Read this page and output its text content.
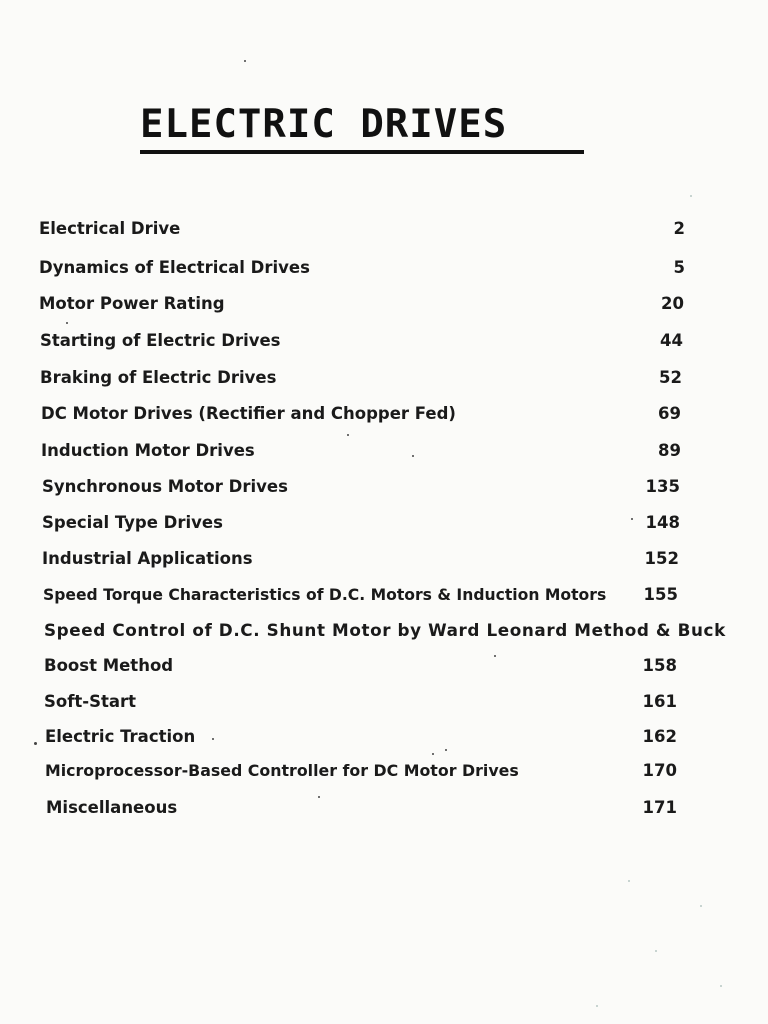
ELECTRIC DRIVES
Electrical Drive	2
Dynamics of Electrical Drives	5
Motor Power Rating	20
Starting of Electric Drives	44
Braking of Electric Drives	52
DC Motor Drives (Rectifier and Chopper Fed)	69
Induction Motor Drives	89
Synchronous Motor Drives	135
Special Type Drives	148
Industrial Applications	152
Speed Torque Characteristics of D.C. Motors & Induction Motors 155
Speed Control of D.C. Shunt Motor by Ward Leonard Method & Buck
Boost Method	158
Soft-Start	161
Electric Traction	162
Microprocessor-Based Controller for DC Motor Drives	170
Miscellaneous	171
